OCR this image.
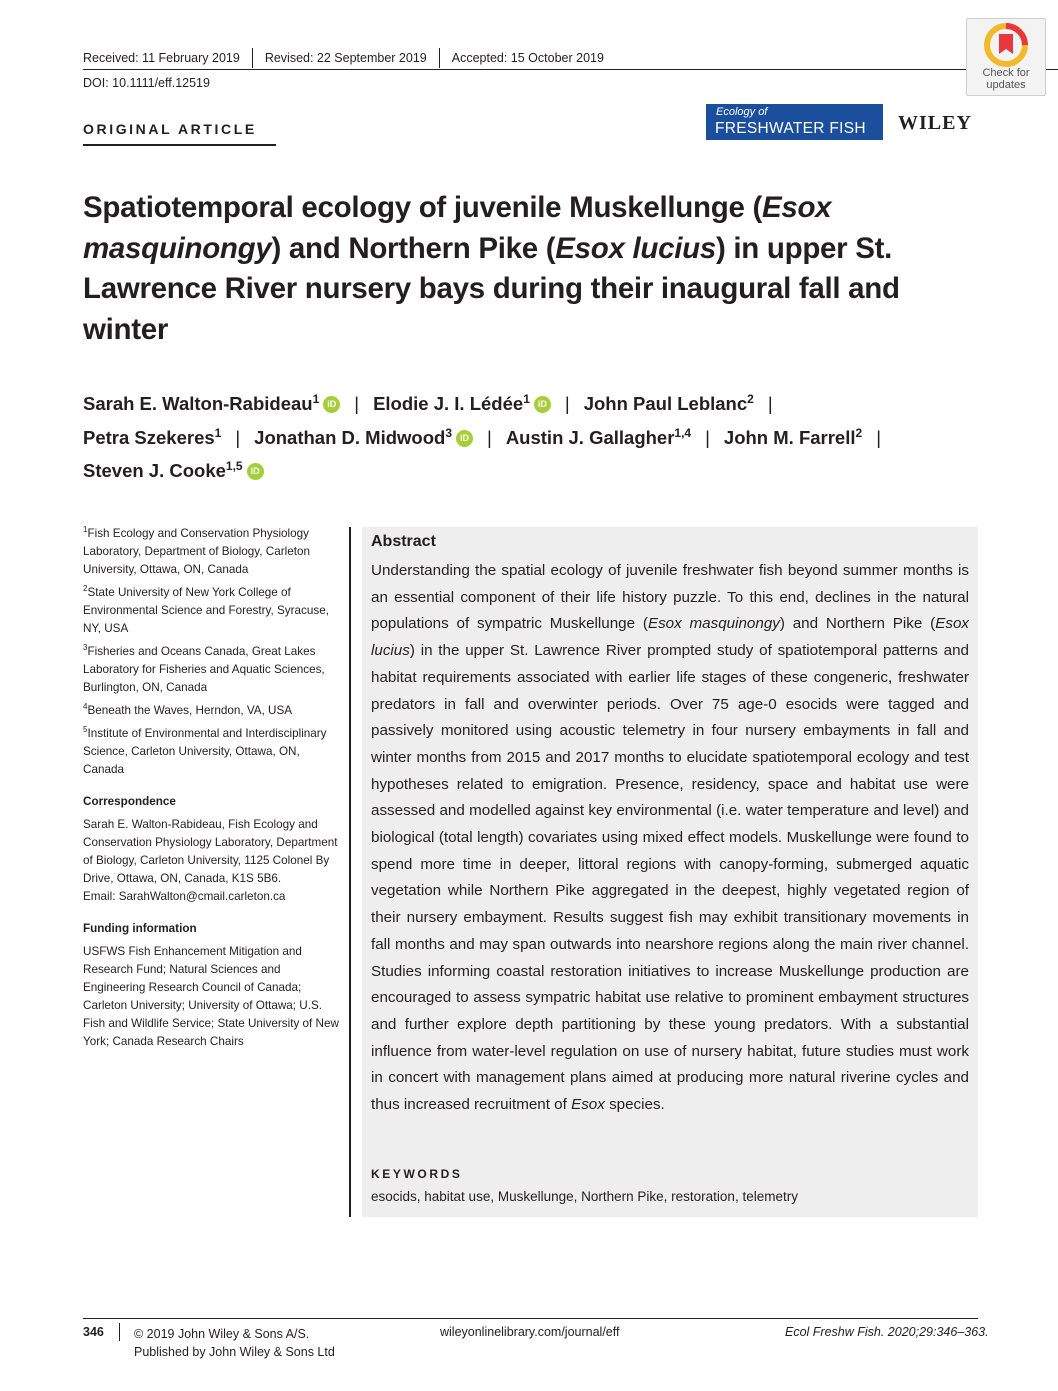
Received: 11 February 2019 Revised: 22 September 2019 Accepted: 15 October 2019
DOI: 10.1111/eff.12519
Check for
updates
ORIGINAL ARTICLE
Ecology of
FRESHWATER FISH WILEY
Spatiotemporal ecology of juvenile Muskellunge (Esox masquinongy) and Northern Pike (Esox lucius) in upper St. Lawrence River nursery bays during their inaugural fall and winter
Sarah E. Walton-Rabideau$^1$ iD | Elodie J. I. Lédée$^1$ iD | John Paul Leblanc$^2$ |
Petra Szekeres$^1$ | Jonathan D. Midwood$^3$ iD | Austin J. Gallagher$^{1,4}$ | John M. Farrell$^2$ |
Steven J. Cooke$^{1,5}$ iD

$^1$Fish Ecology and Conservation Physiology Laboratory, Department of Biology, Carleton University, Ottawa, ON, Canada

$^2$State University of New York College of Environmental Science and Forestry, Syracuse, NY, USA

$^3$Fisheries and Oceans Canada, Great Lakes Laboratory for Fisheries and Aquatic Sciences, Burlington, ON, Canada

$^4$Beneath the Waves, Herndon, VA, USA

$^5$Institute of Environmental and Interdisciplinary Science, Carleton University, Ottawa, ON, Canada

Correspondence

Sarah E. Walton-Rabideau, Fish Ecology and Conservation Physiology Laboratory, Department of Biology, Carleton University, 1125 Colonel By Drive, Ottawa, ON, Canada, K1S 5B6.

Email: SarahWalton@cmail.carleton.ca

Funding information

USFWS Fish Enhancement Mitigation and Research Fund; Natural Sciences and Engineering Research Council of Canada; Carleton University; University of Ottawa; U.S. Fish and Wildlife Service; State University of New York; Canada Research Chairs

Abstract
Understanding the spatial ecology of juvenile freshwater fish beyond summer months is an essential component of their life history puzzle. To this end, declines in the natural populations of sympatric Muskellunge (Esox masquinongy) and Northern Pike (Esox lucius) in the upper St. Lawrence River prompted study of spatiotemporal patterns and habitat requirements associated with earlier life stages of these congeneric, freshwater predators in fall and overwinter periods. Over 75 age-0 esocids were tagged and passively monitored using acoustic telemetry in four nursery embayments in fall and winter months from 2015 and 2017 months to elucidate spatiotemporal ecology and test hypotheses related to emigration. Presence, residency, space and habitat use were assessed and modelled against key environmental (i.e. water temperature and level) and biological (total length) covariates using mixed effect models. Muskellunge were found to spend more time in deeper, littoral regions with canopy-forming, submerged aquatic vegetation while Northern Pike aggregated in the deepest, highly vegetated region of their nursery embayment. Results suggest fish may exhibit transitionary movements in fall months and may span outwards into nearshore regions along the main river channel. Studies informing coastal restoration initiatives to increase Muskellunge production are encouraged to assess sympatric habitat use relative to prominent embayment structures and further explore depth partitioning by these young predators. With a substantial influence from water-level regulation on use of nursery habitat, future studies must work in concert with management plans aimed at producing more natural riverine cycles and thus increased recruitment of Esox species.
KEYWORDS
esocids, habitat use, Muskellunge, Northern Pike, restoration, telemetry
346 © 2019 John Wiley & Sons A/S.
Published by John Wiley & Sons Ltd
wileyonlinelibrary.com/journal/eff	Ecol Freshw Fish. 2020;29:346–363.
